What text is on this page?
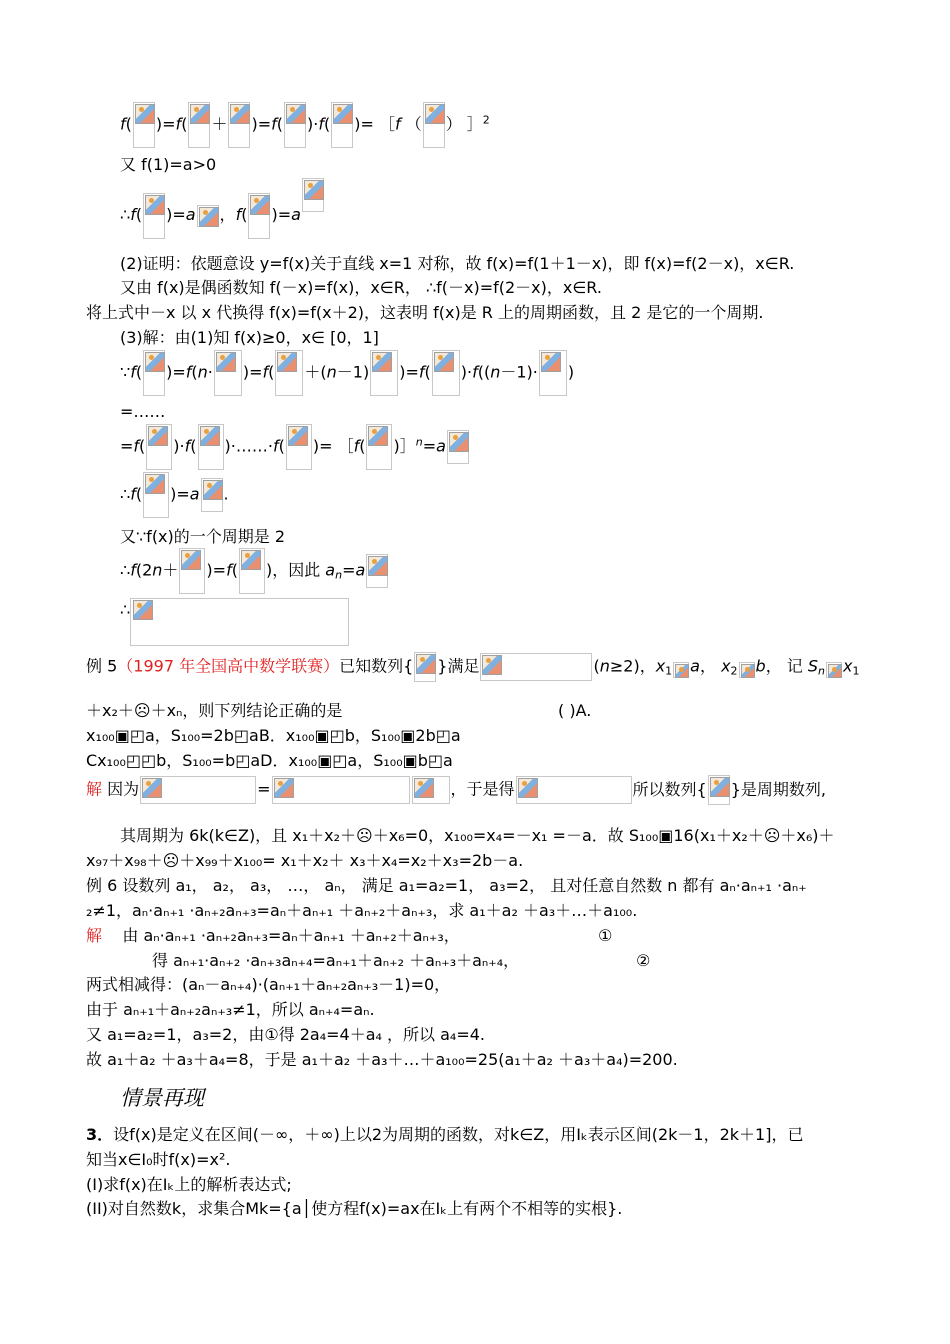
f( )=f( ＋ )=f( )·f( )= ［f （ ） ］$^2$
又 f(1)=a>0
∴f( )=a ，f( )=a
(2)证明：依题意设 y=f(x)关于直线 x=1 对称，故 f(x)=f(1＋1－x)，即 f(x)=f(2－x)，x∈R.
又由 f(x)是偶函数知 f(－x)=f(x)，x∈R， ∴f(－x)=f(2－x)，x∈R.
将上式中－x 以 x 代换得 f(x)=f(x＋2)，这表明 f(x)是 R 上的周期函数，且 2 是它的一个周期.
(3)解：由(1)知 f(x)≥0，x∈ [0，1]
∵f( )=f(n· )=f( ＋(n－1) )=f( )·f((n－1)· )
=……
=f( )·f( )·……·f( )= ［f( )］$^n$=a
∴f( )=a .
又∵f(x)的一个周期是 2
∴f(2n＋ )=f( )，因此 $a_n=a$
∴
例 5（1997 年全国高中数学联赛）已知数列{ }满足	(n≥2)，$x_1$ a， $x_2$ b， 记 $S_n$ $x_1$
＋x₂＋☹＋xₙ，则下列结论正确的是	( )A.
x₁₀₀▣◰a，S₁₀₀=2b◰aB．x₁₀₀▣◰b，S₁₀₀▣2b◰a
Cx₁₀₀◰◰b，S₁₀₀=b◰aD．x₁₀₀▣◰a，S₁₀₀▣b◰a
解 因为	=	，于是得	所以数列{ }是周期数列,
其周期为 6k(k∈Z)，且 x₁＋x₂＋☹＋x₆=0，x₁₀₀=x₄=－x₁ =－a．故 S₁₀₀▣16(x₁＋x₂＋☹＋x₆)＋
x₉₇＋x₉₈＋☹＋x₉₉＋x₁₀₀= x₁＋x₂＋ x₃＋x₄=x₂＋x₃=2b－a.
例 6 设数列 a₁， a₂， a₃， …， aₙ， 满足 a₁=a₂=1， a₃=2， 且对任意自然数 n 都有 aₙ·aₙ₊₁ ·aₙ₊
₂≠1，aₙ·aₙ₊₁ ·aₙ₊₂aₙ₊₃=aₙ＋aₙ₊₁ ＋aₙ₊₂＋aₙ₊₃，求 a₁＋a₂ ＋a₃＋…＋a₁₀₀.
解 由 aₙ·aₙ₊₁ ·aₙ₊₂aₙ₊₃=aₙ＋aₙ₊₁ ＋aₙ₊₂＋aₙ₊₃，	①
得 aₙ₊₁·aₙ₊₂ ·aₙ₊₃aₙ₊₄=aₙ₊₁＋aₙ₊₂ ＋aₙ₊₃＋aₙ₊₄，	②
两式相减得：(aₙ－aₙ₊₄)·(aₙ₊₁＋aₙ₊₂aₙ₊₃－1)=0，
由于 aₙ₊₁＋aₙ₊₂aₙ₊₃≠1，所以 aₙ₊₄=aₙ.
又 a₁=a₂=1，a₃=2，由①得 2a₄=4＋a₄ ，所以 a₄=4.
故 a₁＋a₂ ＋a₃＋a₄=8，于是 a₁＋a₂ ＋a₃＋…＋a₁₀₀=25(a₁＋a₂ ＋a₃＋a₄)=200.
情景再现
3．设f(x)是定义在区间(－∞，＋∞)上以2为周期的函数，对k∈Z，用Iₖ表示区间(2k－1，2k＋1]，已
知当x∈I₀时f(x)=x².
(I)求f(x)在Iₖ上的解析表达式;
(II)对自然数k，求集合Mk={a│使方程f(x)=ax在Iₖ上有两个不相等的实根}.
